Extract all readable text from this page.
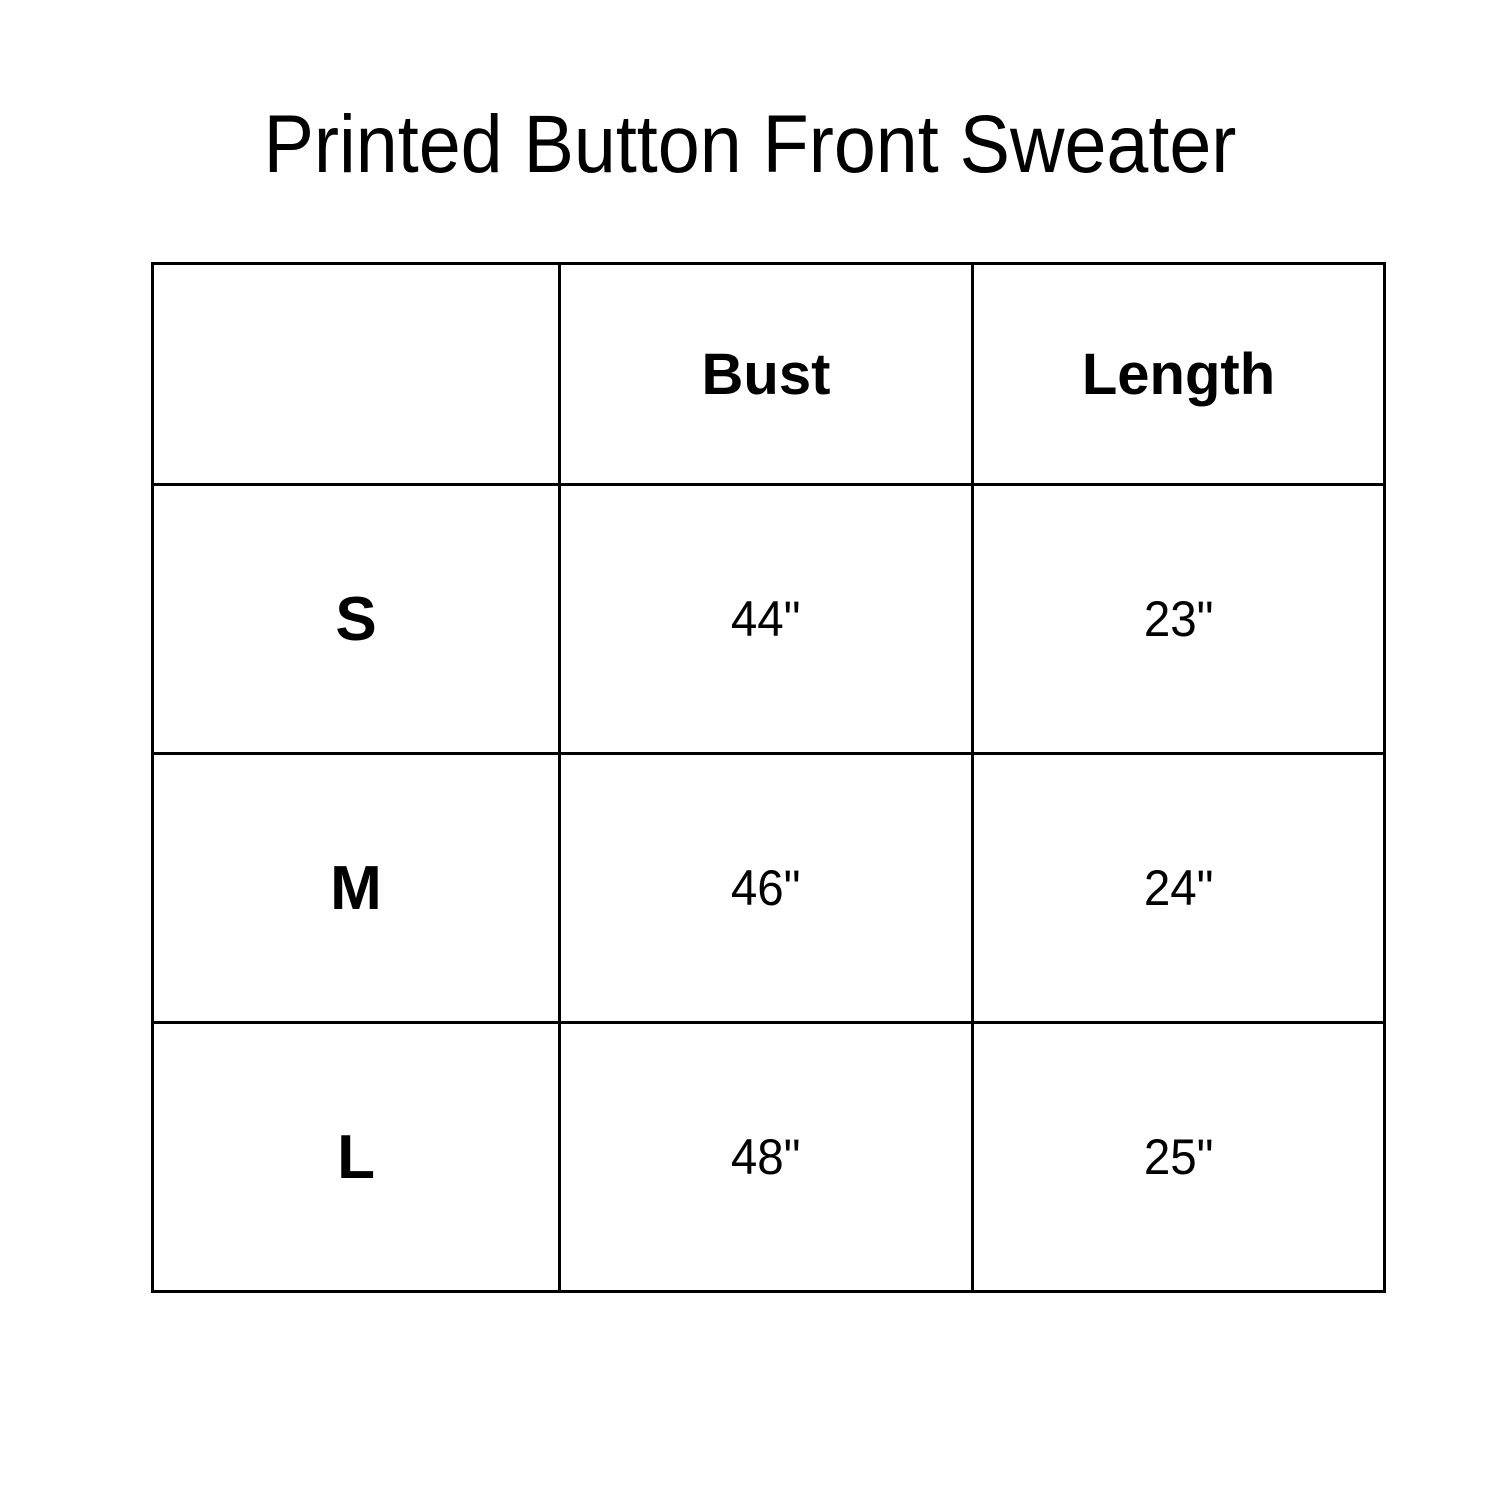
Printed Button Front Sweater
	Bust	Length
S	44"	23"
M	46"	24"
L	48"	25"
